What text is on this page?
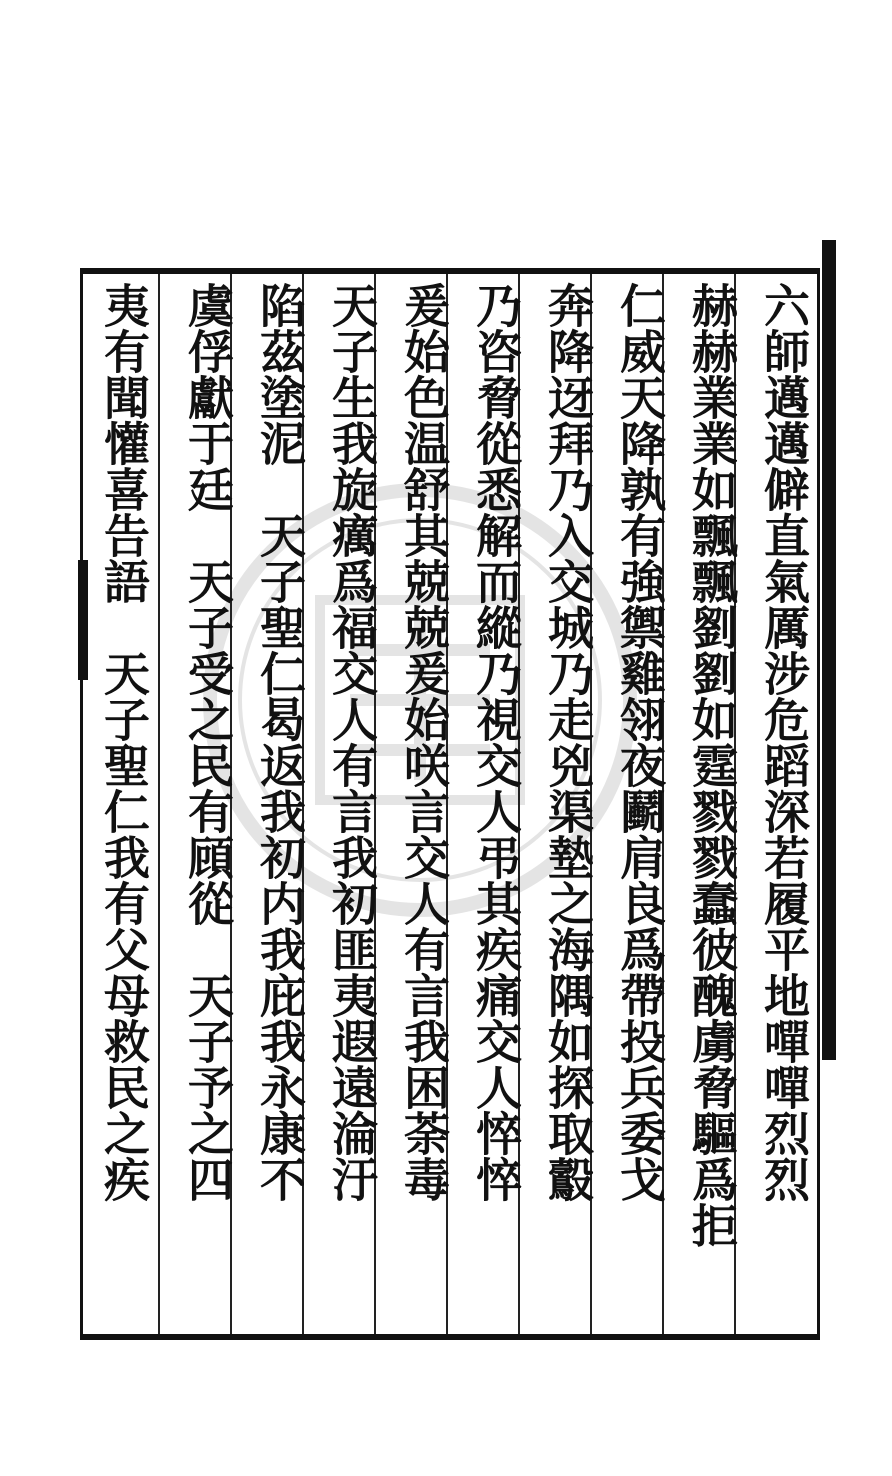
六師邁邁僻直氣厲涉危蹈深若履平地嘽嘽烈烈
赫赫業業如飄飄劉劉如霆戮戮蠢彼醜虜脅驅爲拒
仁威天降孰有強禦雞翎夜鬬肩良爲帶投兵委戈
奔降迓拜乃入交城乃走兇渠墊之海隅如探取鷇
乃咨脅從悉解而縱乃視交人弔其疾痛交人悴悴
爰始色温舒其兢兢爰始咲言交人有言我困荼毒
天子生我旋癘爲福交人有言我初匪夷遐遠淪汙
陷茲塗泥　天子聖仁曷返我初内我庇我永康不
虞俘獻于廷　天子受之民有頋從　天子予之四
夷有聞懽喜告語　天子聖仁我有父母救民之疾
